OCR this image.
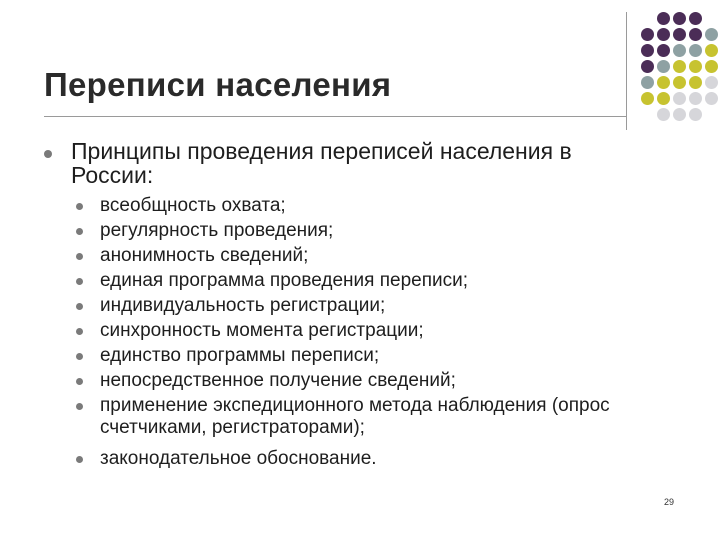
Переписи населения
Принципы проведения переписей населения в России:
всеобщность охвата;
регулярность проведения;
анонимность сведений;
единая программа проведения переписи;
индивидуальность регистрации;
синхронность момента регистрации;
единство программы переписи;
непосредственное получение сведений;
применение экспедиционного метода наблюдения (опрос счетчиками, регистраторами);
законодательное обоснование.
29
